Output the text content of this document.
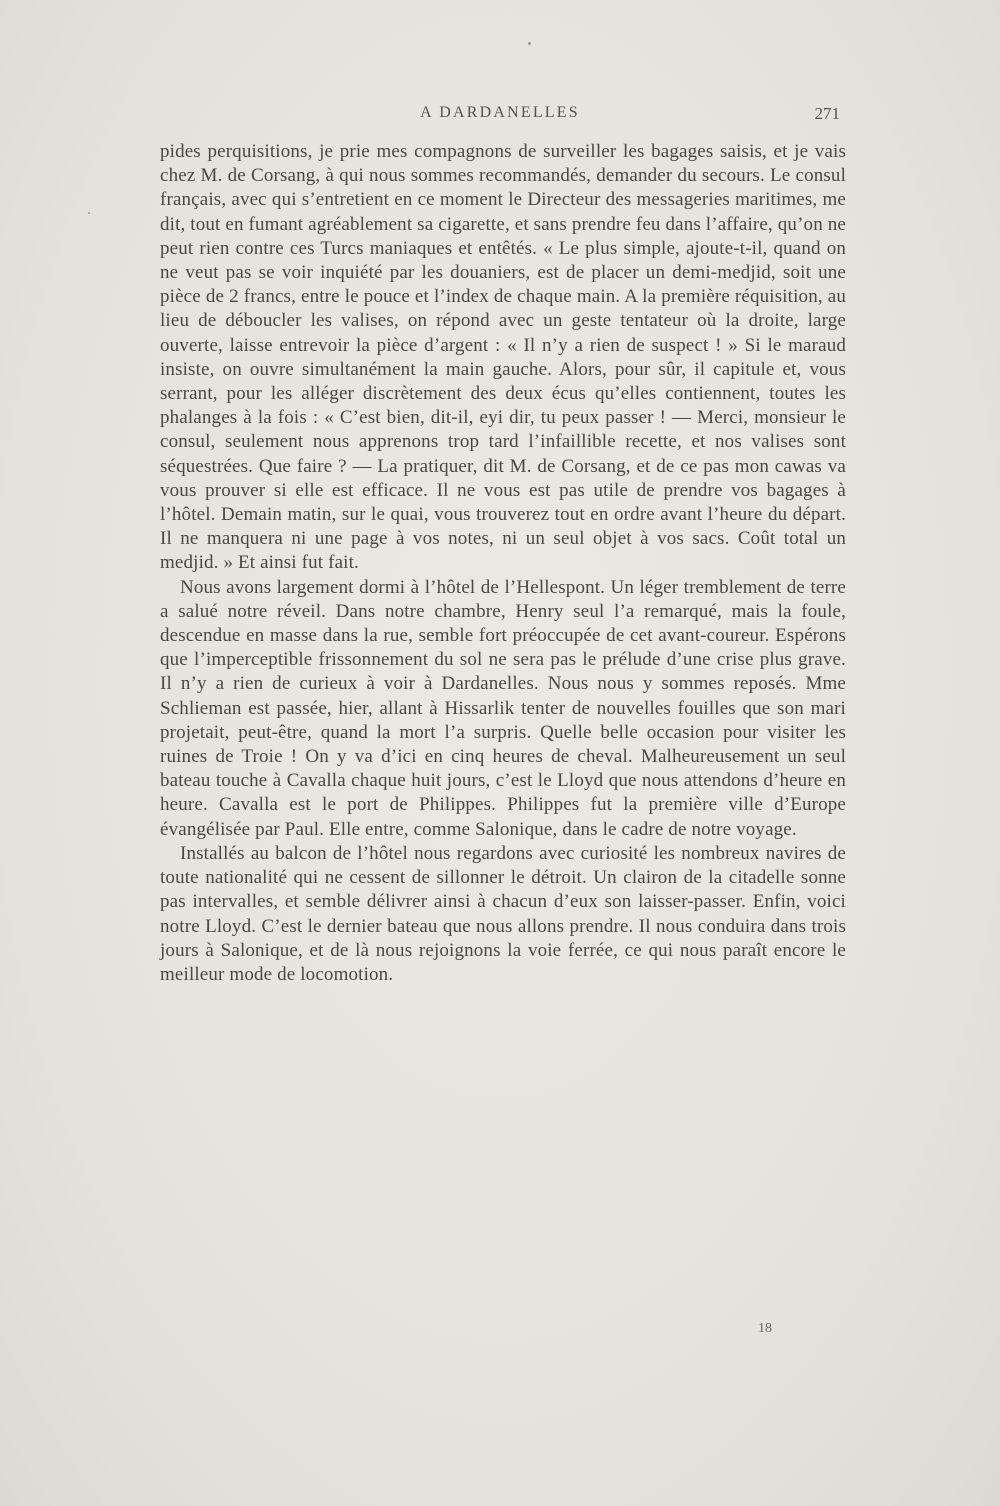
A DARDANELLES	271

pides perquisitions, je prie mes compagnons de surveiller les bagages saisis, et je vais chez M. de Corsang, à qui nous sommes recommandés, demander du secours. Le consul français, avec qui s’entretient en ce moment le Directeur des messageries maritimes, me dit, tout en fumant agréablement sa cigarette, et sans prendre feu dans l’affaire, qu’on ne peut rien contre ces Turcs maniaques et entêtés. « Le plus simple, ajoute-t-il, quand on ne veut pas se voir inquiété par les douaniers, est de placer un demi-medjid, soit une pièce de 2 francs, entre le pouce et l’index de chaque main. A la première réquisition, au lieu de déboucler les valises, on répond avec un geste tentateur où la droite, large ouverte, laisse entrevoir la pièce d’argent : « Il n’y a rien de suspect ! » Si le maraud insiste, on ouvre simultanément la main gauche. Alors, pour sûr, il capitule et, vous serrant, pour les alléger discrètement des deux écus qu’elles contiennent, toutes les phalanges à la fois : « C’est bien, dit-il, eyi dir, tu peux passer ! — Merci, monsieur le consul, seulement nous apprenons trop tard l’infaillible recette, et nos valises sont séquestrées. Que faire ? — La pratiquer, dit M. de Corsang, et de ce pas mon cawas va vous prouver si elle est efficace. Il ne vous est pas utile de prendre vos bagages à l’hôtel. Demain matin, sur le quai, vous trouverez tout en ordre avant l’heure du départ. Il ne manquera ni une page à vos notes, ni un seul objet à vos sacs. Coût total un medjid. » Et ainsi fut fait.

Nous avons largement dormi à l’hôtel de l’Hellespont. Un léger tremblement de terre a salué notre réveil. Dans notre chambre, Henry seul l’a remarqué, mais la foule, descendue en masse dans la rue, semble fort préoccupée de cet avant-coureur. Espérons que l’imperceptible frissonnement du sol ne sera pas le prélude d’une crise plus grave. Il n’y a rien de curieux à voir à Dardanelles. Nous nous y sommes reposés. Mme Schlieman est passée, hier, allant à Hissarlik tenter de nouvelles fouilles que son mari projetait, peut-être, quand la mort l’a surpris. Quelle belle occasion pour visiter les ruines de Troie ! On y va d’ici en cinq heures de cheval. Malheureusement un seul bateau touche à Cavalla chaque huit jours, c’est le Lloyd que nous attendons d’heure en heure. Cavalla est le port de Philippes. Philippes fut la première ville d’Europe évangélisée par Paul. Elle entre, comme Salonique, dans le cadre de notre voyage.

Installés au balcon de l’hôtel nous regardons avec curiosité les nombreux navires de toute nationalité qui ne cessent de sillonner le détroit. Un clairon de la citadelle sonne pas intervalles, et semble délivrer ainsi à chacun d’eux son laisser-passer. Enfin, voici notre Lloyd. C’est le dernier bateau que nous allons prendre. Il nous conduira dans trois jours à Salonique, et de là nous rejoignons la voie ferrée, ce qui nous paraît encore le meilleur mode de locomotion.

18
